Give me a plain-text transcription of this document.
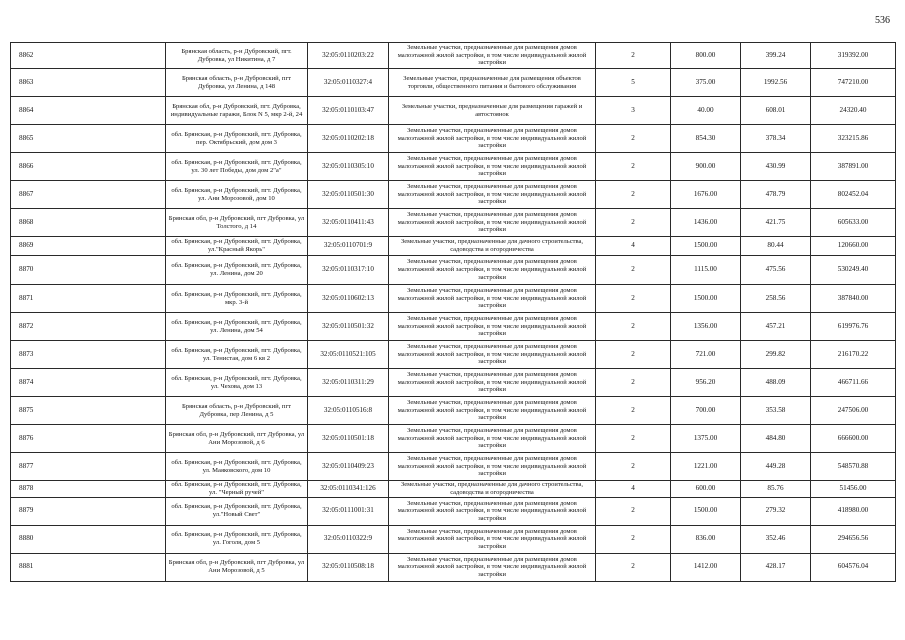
536
8862	Брянская область, р-н Дубровский, пгт. Дубровка, ул Никитина, д 7	32:05:0110203:22	Земельные участки, предназначенные для размещения домов малоэтажной жилой застройки, в том числе индивидуальной жилой застройки	2	800.00	399.24	319392.00
8863	Брянская область, р-н Дубровский, пгт Дубровка, ул Ленина, д 148	32:05:0110327:4	Земельные участки, предназначенные для размещения объектов торговли, общественного питания и бытового обслуживания	5	375.00	1992.56	747210.00
8864	Брянская обл, р-н Дубровский, пгт. Дубровка, индивидуальные гаражи, Блок N 5, мкр 2-й, 24	32:05:0110103:47	Земельные участки, предназначенные для размещения гаражей и автостоянок	3	40.00	608.01	24320.40
8865	обл. Брянская, р-н Дубровский, пгт. Дубровка, пер. Октябрьский, дом дом 3	32:05:0110202:18	Земельные участки, предназначенные для размещения домов малоэтажной жилой застройки, в том числе индивидуальной жилой застройки	2	854.30	378.34	323215.86
8866	обл. Брянская, р-н Дубровский, пгт. Дубровка, ул. 30 лет Победы, дом дом 2"а"	32:05:0110305:10	Земельные участки, предназначенные для размещения домов малоэтажной жилой застройки, в том числе индивидуальной жилой застройки	2	900.00	430.99	387891.00
8867	обл. Брянская, р-н Дубровский, пгт. Дубровка, ул. Ани Морозовой, дом 10	32:05:0110501:30	Земельные участки, предназначенные для размещения домов малоэтажной жилой застройки, в том числе индивидуальной жилой застройки	2	1676.00	478.79	802452.04
8868	Брянская обл, р-н Дубровский, пгт Дубровка, ул Толстого, д 14	32:05:0110411:43	Земельные участки, предназначенные для размещения домов малоэтажной жилой застройки, в том числе индивидуальной жилой застройки	2	1436.00	421.75	605633.00
8869	обл. Брянская, р-н Дубровский, пгт. Дубровка, ул."Красный Якорь"	32:05:0110701:9	Земельные участки, предназначенные для дачного строительства, садоводства и огородничества	4	1500.00	80.44	120660.00
8870	обл. Брянская, р-н Дубровский, пгт. Дубровка, ул. Ленина, дом 20	32:05:0110317:10	Земельные участки, предназначенные для размещения домов малоэтажной жилой застройки, в том числе индивидуальной жилой застройки	2	1115.00	475.56	530249.40
8871	обл. Брянская, р-н Дубровский, пгт. Дубровка, мкр. 3-й	32:05:0110602:13	Земельные участки, предназначенные для размещения домов малоэтажной жилой застройки, в том числе индивидуальной жилой застройки	2	1500.00	258.56	387840.00
8872	обл. Брянская, р-н Дубровский, пгт. Дубровка, ул. Ленина, дом 54	32:05:0110501:32	Земельные участки, предназначенные для размещения домов малоэтажной жилой застройки, в том числе индивидуальной жилой застройки	2	1356.00	457.21	619976.76
8873	обл. Брянская, р-н Дубровский, пгт. Дубровка, ул. Тенистая, дом 6 кв 2	32:05:0110521:105	Земельные участки, предназначенные для размещения домов малоэтажной жилой застройки, в том числе индивидуальной жилой застройки	2	721.00	299.82	216170.22
8874	обл. Брянская, р-н Дубровский, пгт. Дубровка, ул. Чехова, дом 13	32:05:0110311:29	Земельные участки, предназначенные для размещения домов малоэтажной жилой застройки, в том числе индивидуальной жилой застройки	2	956.20	488.09	466711.66
8875	Брянская область, р-н Дубровский, пгт Дубровка, пер Ленина, д 5	32:05:0110516:8	Земельные участки, предназначенные для размещения домов малоэтажной жилой застройки, в том числе индивидуальной жилой застройки	2	700.00	353.58	247506.00
8876	Брянская обл, р-н Дубровский, пгт Дубровка, ул Ани Морозовой, д 6	32:05:0110501:18	Земельные участки, предназначенные для размещения домов малоэтажной жилой застройки, в том числе индивидуальной жилой застройки	2	1375.00	484.80	666600.00
8877	обл. Брянская, р-н Дубровский, пгт. Дубровка, ул. Маяковского, дом 10	32:05:0110409:23	Земельные участки, предназначенные для размещения домов малоэтажной жилой застройки, в том числе индивидуальной жилой застройки	2	1221.00	449.28	548570.88
8878	обл. Брянская, р-н Дубровский, пгт. Дубровка, ул. "Черный ручей"	32:05:0110341:126	Земельные участки, предназначенные для дачного строительства, садоводства и огородничества	4	600.00	85.76	51456.00
8879	обл. Брянская, р-н Дубровский, пгт. Дубровка, ул."Новый Свет"	32:05:0111001:31	Земельные участки, предназначенные для размещения домов малоэтажной жилой застройки, в том числе индивидуальной жилой застройки	2	1500.00	279.32	418980.00
8880	обл. Брянская, р-н Дубровский, пгт. Дубровка, ул. Гоголя, дом 5	32:05:0110322:9	Земельные участки, предназначенные для размещения домов малоэтажной жилой застройки, в том числе индивидуальной жилой застройки	2	836.00	352.46	294656.56
8881	Брянская обл, р-н Дубровский, пгт Дубровка, ул Ани Морозовой, д 5	32:05:0110508:18	Земельные участки, предназначенные для размещения домов малоэтажной жилой застройки, в том числе индивидуальной жилой застройки	2	1412.00	428.17	604576.04
